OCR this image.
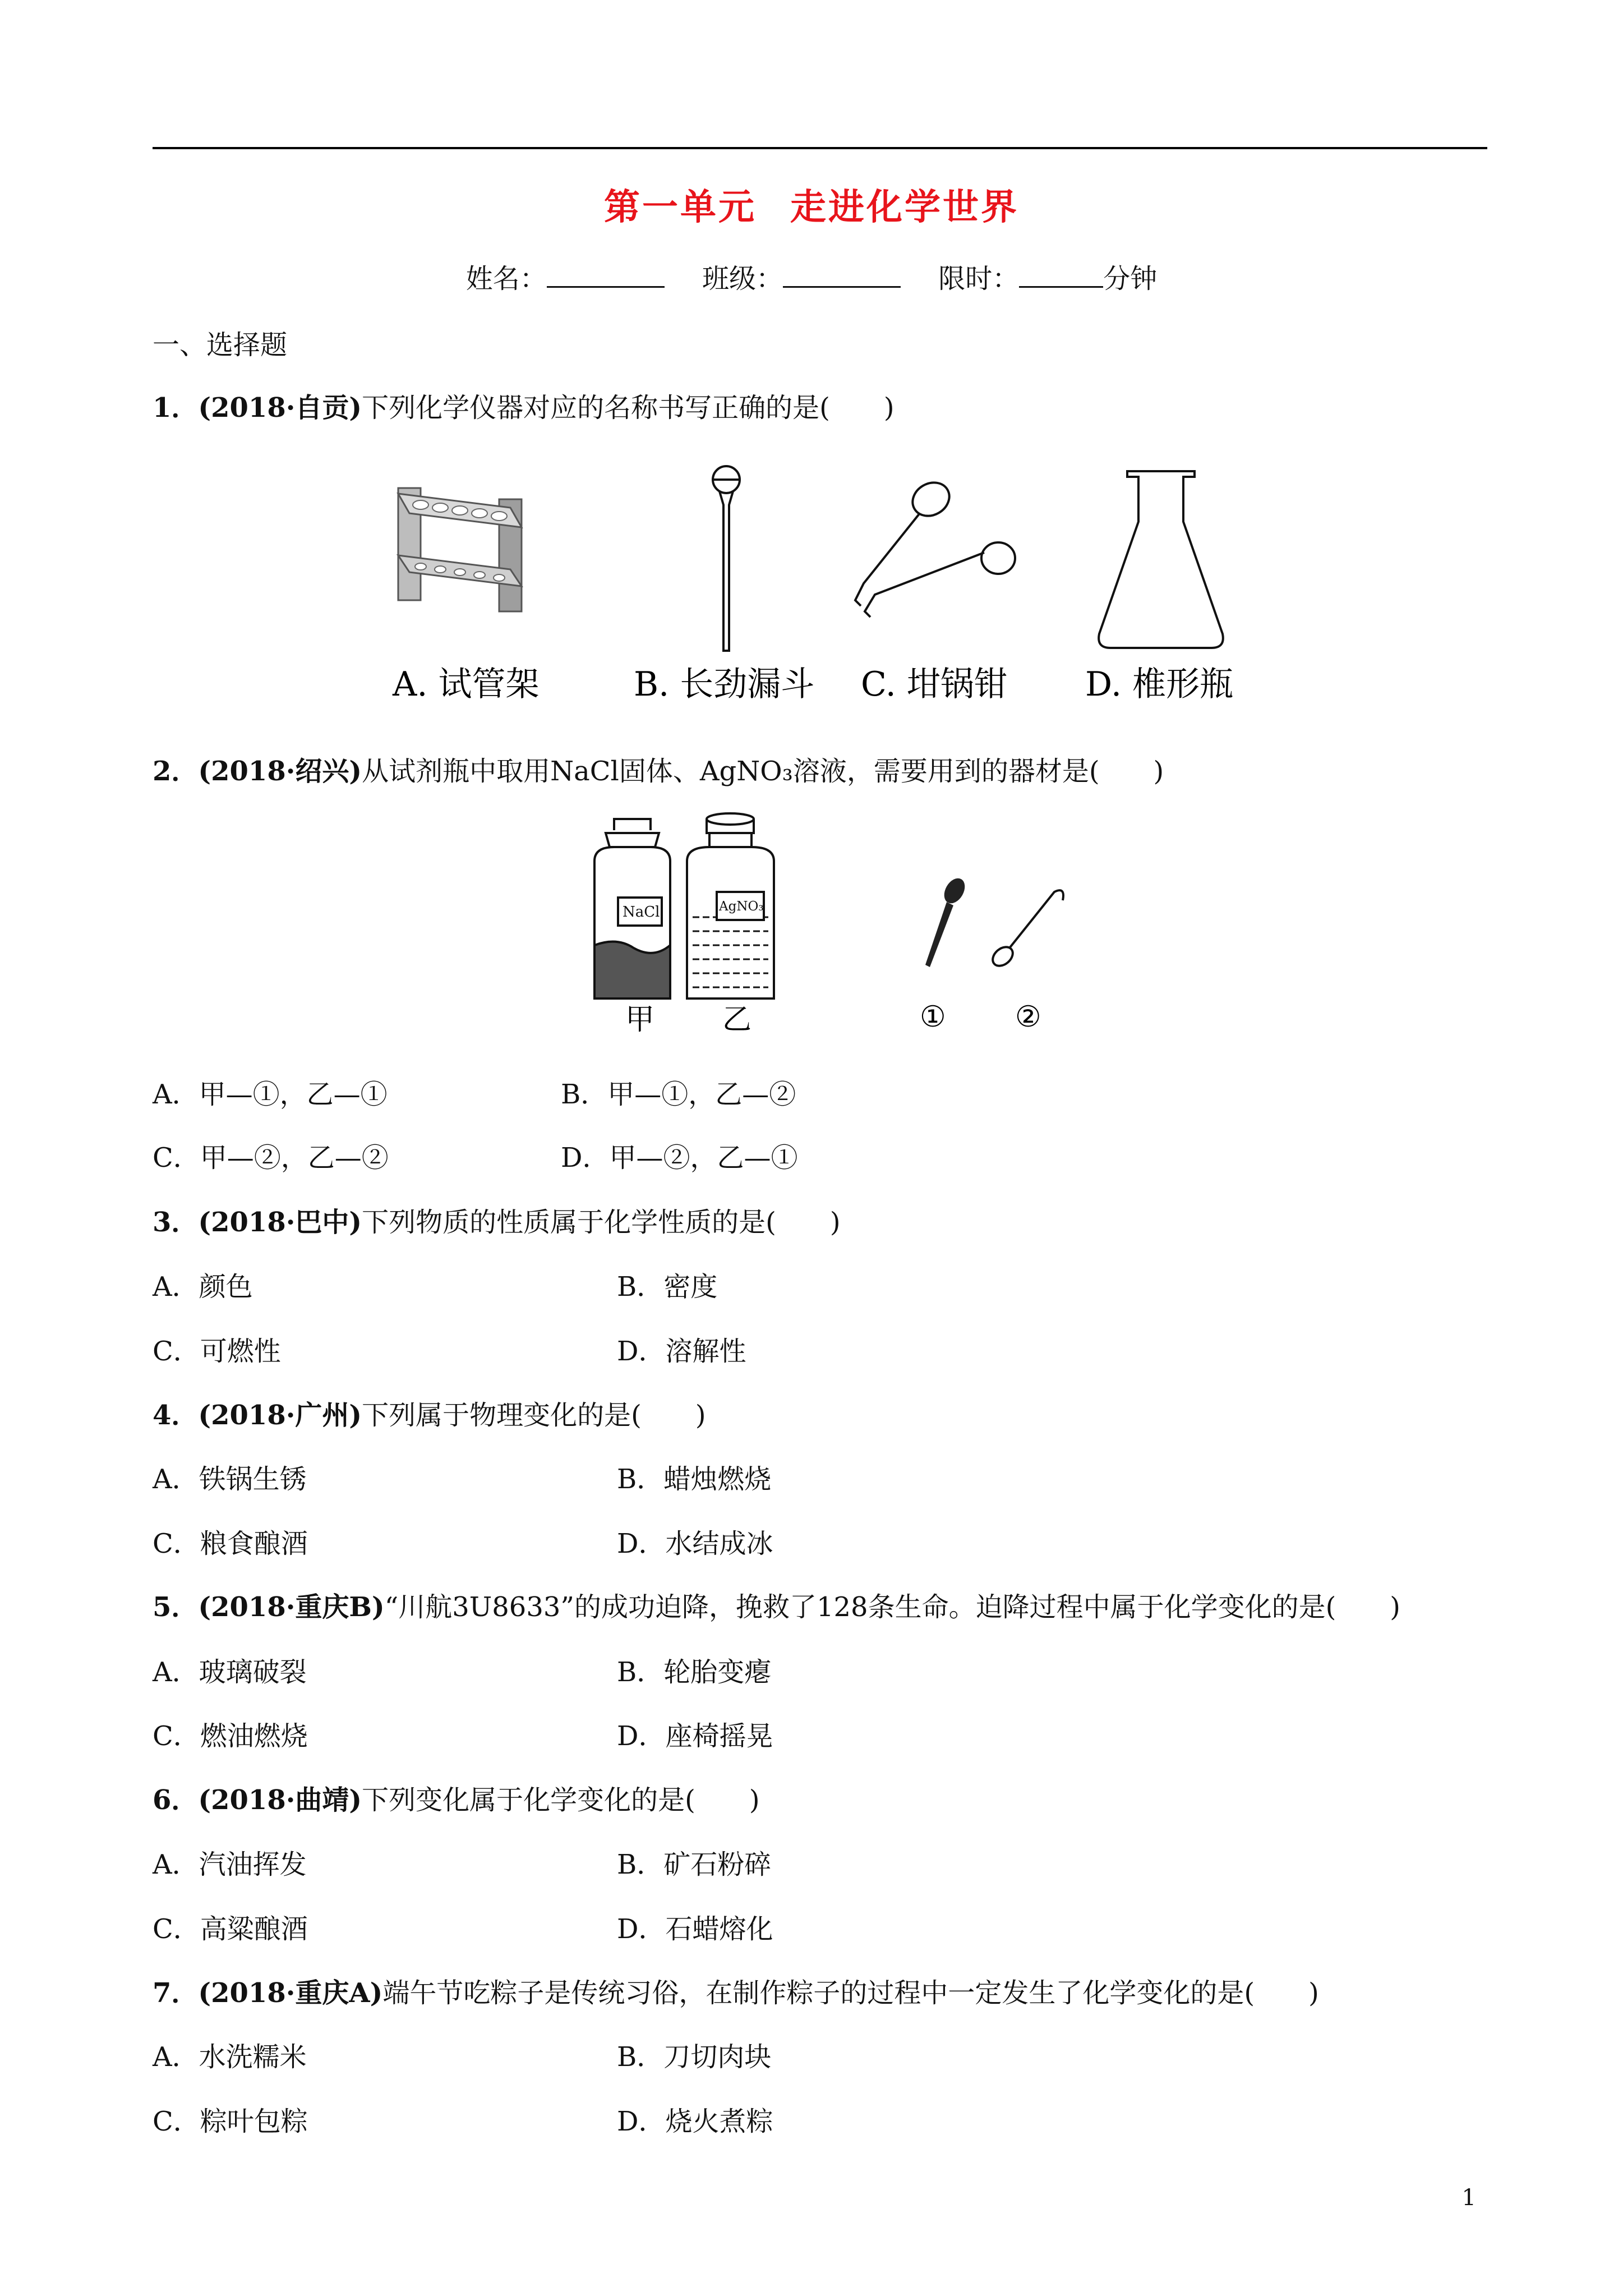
第一单元 走进化学世界
姓名：	班级：	限时：	分钟
一、选择题
1．(2018·自贡)下列化学仪器对应的名称书写正确的是(　　)
A. 试管架	B. 长劲漏斗 C. 坩锅钳 D. 椎形瓶
2．(2018·绍兴)从试剂瓶中取用NaCl固体、AgNO₃溶液，需要用到的器材是(　　)
NaCl	AgNO₃
甲 乙	① ②
A．甲—①，乙—①	B．甲—①，乙—②
C．甲—②，乙—②	D．甲—②，乙—①
3．(2018·巴中)下列物质的性质属于化学性质的是(　　)
A．颜色	B．密度
C．可燃性	D．溶解性
4．(2018·广州)下列属于物理变化的是(　　)
A．铁锅生锈	B．蜡烛燃烧
C．粮食酿酒	D．水结成冰
5．(2018·重庆B)“川航3U8633”的成功迫降，挽救了128条生命。迫降过程中属于化学变化的是(　　)
A．玻璃破裂	B．轮胎变瘪
C．燃油燃烧	D．座椅摇晃
6．(2018·曲靖)下列变化属于化学变化的是(　　)
A．汽油挥发	B．矿石粉碎
C．高粱酿酒	D．石蜡熔化
7．(2018·重庆A)端午节吃粽子是传统习俗，在制作粽子的过程中一定发生了化学变化的是(　　)
A．水洗糯米	B．刀切肉块
C．粽叶包粽	D．烧火煮粽
1
